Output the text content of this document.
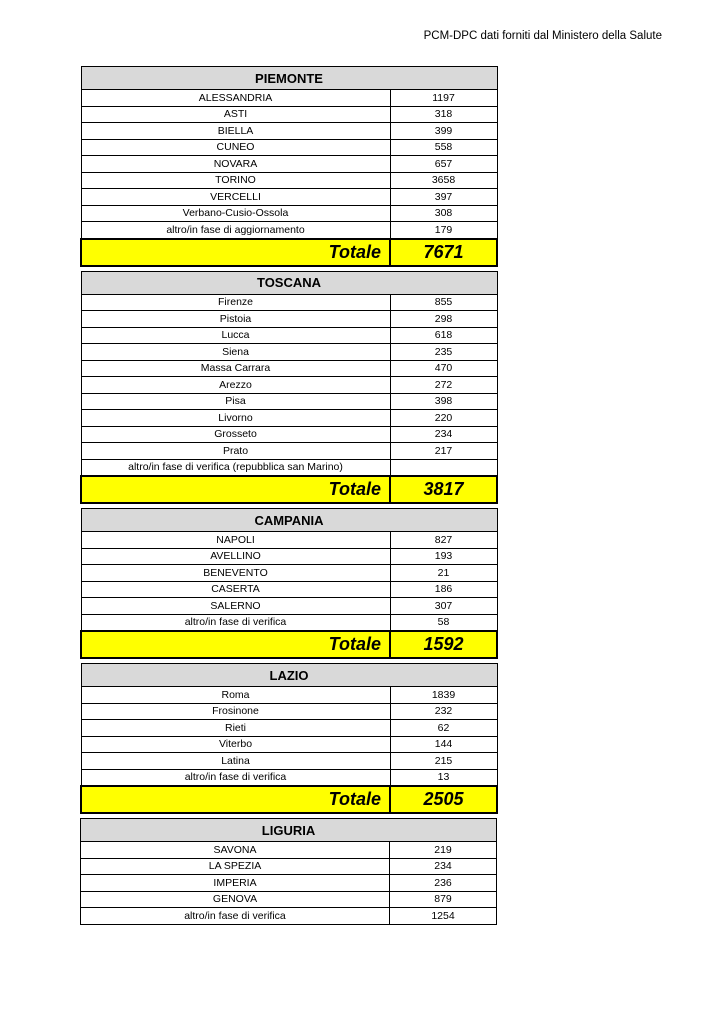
PCM-DPC dati forniti dal Ministero della Salute
PIEMONTE	
ALESSANDRIA	1197
ASTI	318
BIELLA	399
CUNEO	558
NOVARA	657
TORINO	3658
VERCELLI	397
Verbano-Cusio-Ossola	308
altro/in fase di aggiornamento	179
Totale	7671
TOSCANA	
Firenze	855
Pistoia	298
Lucca	618
Siena	235
Massa Carrara	470
Arezzo	272
Pisa	398
Livorno	220
Grosseto	234
Prato	217
altro/in fase di verifica (repubblica san Marino)	
Totale	3817
CAMPANIA	
NAPOLI	827
AVELLINO	193
BENEVENTO	21
CASERTA	186
SALERNO	307
altro/in fase di verifica	58
Totale	1592
LAZIO	
Roma	1839
Frosinone	232
Rieti	62
Viterbo	144
Latina	215
altro/in fase di verifica	13
Totale	2505
LIGURIA	
SAVONA	219
LA SPEZIA	234
IMPERIA	236
GENOVA	879
altro/in fase di verifica	1254
